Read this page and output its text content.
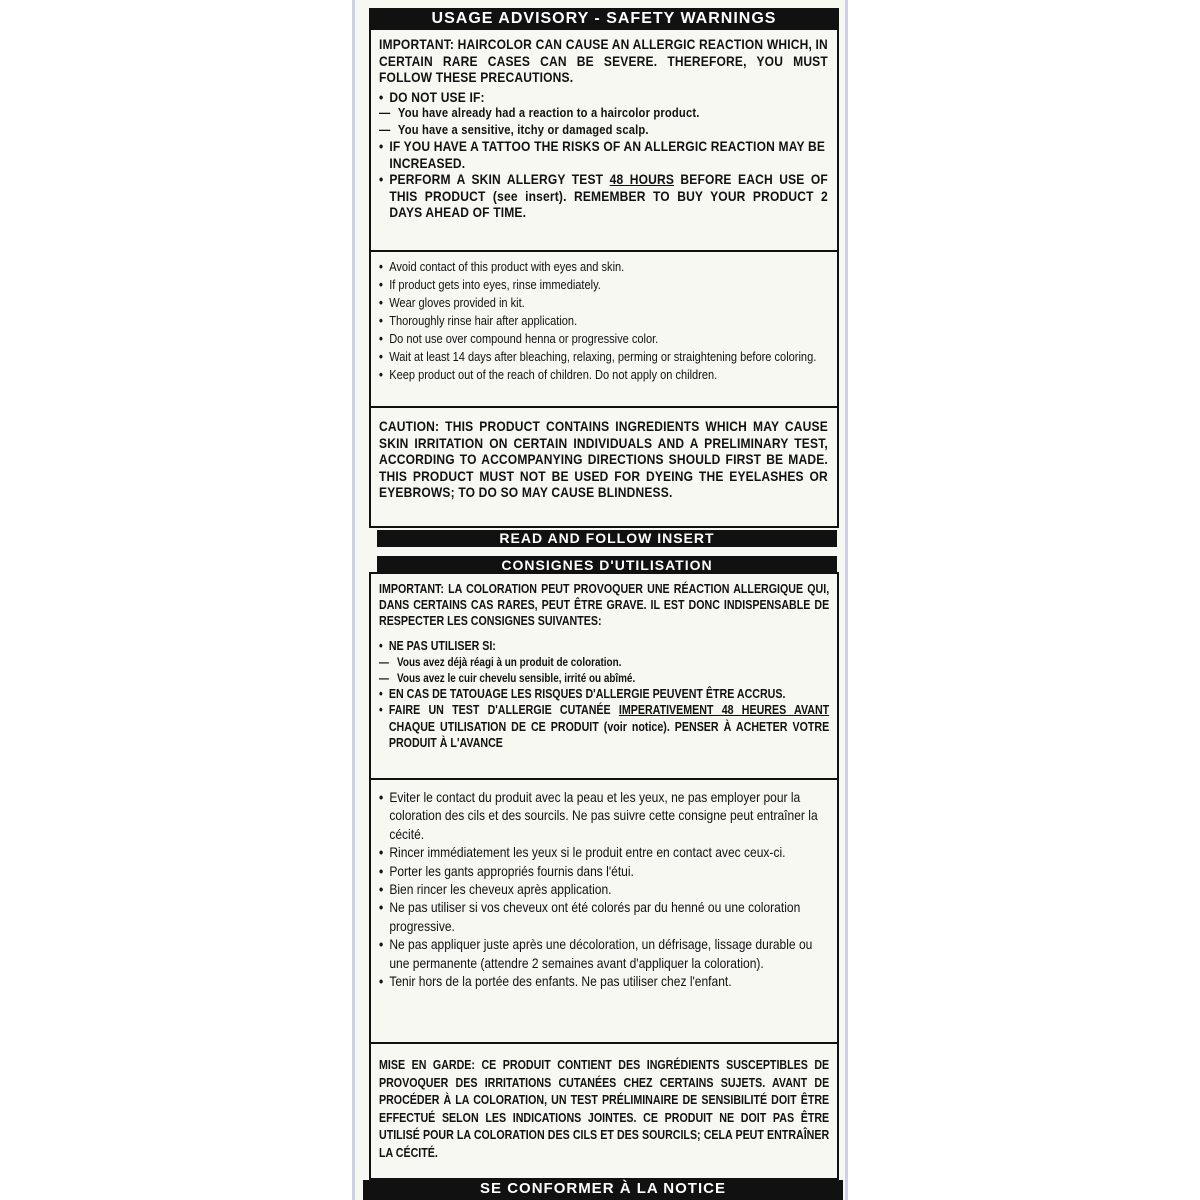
USAGE ADVISORY - SAFETY WARNINGS
IMPORTANT: HAIRCOLOR CAN CAUSE AN ALLERGIC REACTION WHICH, IN CERTAIN RARE CASES CAN BE SEVERE. THEREFORE, YOU MUST FOLLOW THESE PRECAUTIONS.
• DO NOT USE IF:
— You have already had a reaction to a haircolor product.
— You have a sensitive, itchy or damaged scalp.
• IF YOU HAVE A TATTOO THE RISKS OF AN ALLERGIC REACTION MAY BE INCREASED.
• PERFORM A SKIN ALLERGY TEST 48 HOURS BEFORE EACH USE OF THIS PRODUCT (see insert). REMEMBER TO BUY YOUR PRODUCT 2 DAYS AHEAD OF TIME.
• Avoid contact of this product with eyes and skin.
• If product gets into eyes, rinse immediately.
• Wear gloves provided in kit.
• Thoroughly rinse hair after application.
• Do not use over compound henna or progressive color.
• Wait at least 14 days after bleaching, relaxing, perming or straightening before coloring.
• Keep product out of the reach of children. Do not apply on children.
CAUTION: THIS PRODUCT CONTAINS INGREDIENTS WHICH MAY CAUSE SKIN IRRITATION ON CERTAIN INDIVIDUALS AND A PRELIMINARY TEST, ACCORDING TO ACCOMPANYING DIRECTIONS SHOULD FIRST BE MADE. THIS PRODUCT MUST NOT BE USED FOR DYEING THE EYELASHES OR EYEBROWS; TO DO SO MAY CAUSE BLINDNESS.
READ AND FOLLOW INSERT
CONSIGNES D'UTILISATION
IMPORTANT: LA COLORATION PEUT PROVOQUER UNE RÉACTION ALLERGIQUE QUI, DANS CERTAINS CAS RARES, PEUT ÊTRE GRAVE. IL EST DONC INDISPENSABLE DE RESPECTER LES CONSIGNES SUIVANTES:
• NE PAS UTILISER SI:
— Vous avez déjà réagi à un produit de coloration.
— Vous avez le cuir chevelu sensible, irrité ou abîmé.
• EN CAS DE TATOUAGE LES RISQUES D'ALLERGIE PEUVENT ÊTRE ACCRUS.
• FAIRE UN TEST D'ALLERGIE CUTANÉE IMPERATIVEMENT 48 HEURES AVANT CHAQUE UTILISATION DE CE PRODUIT (voir notice). PENSER À ACHETER VOTRE PRODUIT À L'AVANCE
• Eviter le contact du produit avec la peau et les yeux, ne pas employer pour la coloration des cils et des sourcils. Ne pas suivre cette consigne peut entraîner la cécité.
• Rincer immédiatement les yeux si le produit entre en contact avec ceux-ci.
• Porter les gants appropriés fournis dans l'étui.
• Bien rincer les cheveux après application.
• Ne pas utiliser si vos cheveux ont été colorés par du henné ou une coloration progressive.
• Ne pas appliquer juste après une décoloration, un défrisage, lissage durable ou une permanente (attendre 2 semaines avant d'appliquer la coloration).
• Tenir hors de la portée des enfants. Ne pas utiliser chez l'enfant.
MISE EN GARDE: CE PRODUIT CONTIENT DES INGRÉDIENTS SUSCEPTIBLES DE PROVOQUER DES IRRITATIONS CUTANÉES CHEZ CERTAINS SUJETS. AVANT DE PROCÉDER À LA COLORATION, UN TEST PRÉLIMINAIRE DE SENSIBILITÉ DOIT ÊTRE EFFECTUÉ SELON LES INDICATIONS JOINTES. CE PRODUIT NE DOIT PAS ÊTRE UTILISÉ POUR LA COLORATION DES CILS ET DES SOURCILS; CELA PEUT ENTRAÎNER LA CÉCITÉ.
SE CONFORMER À LA NOTICE
